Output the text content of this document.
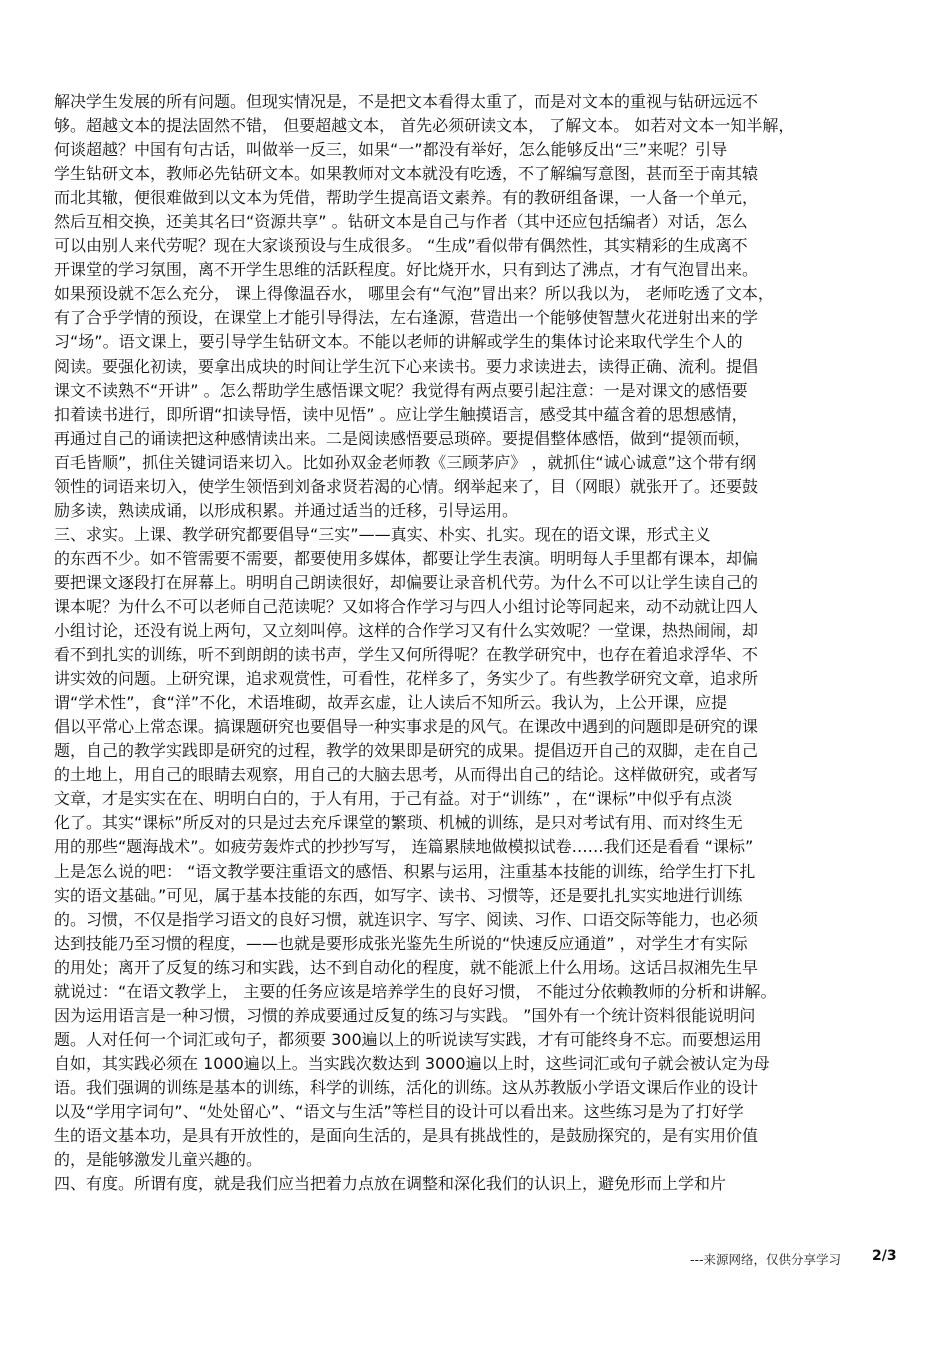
解决学生发展的所有问题。但现实情况是，不是把文本看得太重了，而是对文本的重视与钻研远远不
够。超越文本的提法固然不错， 但要超越文本， 首先必须研读文本， 了解文本。 如若对文本一知半解，
何谈超越？中国有句古话，叫做举一反三，如果“一”都没有举好，怎么能够反出“三”来呢？引导
学生钻研文本，教师必先钻研文本。如果教师对文本就没有吃透，不了解编写意图，甚而至于南其辕
而北其辙，便很难做到以文本为凭借，帮助学生提高语文素养。有的教研组备课，一人备一个单元，
然后互相交换，还美其名曰“资源共享” 。钻研文本是自己与作者（其中还应包括编者）对话，怎么
可以由别人来代劳呢？现在大家谈预设与生成很多。 “生成”看似带有偶然性，其实精彩的生成离不
开课堂的学习氛围，离不开学生思维的活跃程度。好比烧开水，只有到达了沸点，才有气泡冒出来。
如果预设就不怎么充分， 课上得像温吞水， 哪里会有“气泡”冒出来？所以我以为， 老师吃透了文本，
有了合乎学情的预设，在课堂上才能引导得法，左右逢源，营造出一个能够使智慧火花迸射出来的学
习“场”。语文课上，要引导学生钻研文本。不能以老师的讲解或学生的集体讨论来取代学生个人的
阅读。要强化初读，要拿出成块的时间让学生沉下心来读书。要力求读进去，读得正确、流利。提倡
课文不读熟不“开讲” 。怎么帮助学生感悟课文呢？我觉得有两点要引起注意：一是对课文的感悟要
扣着读书进行，即所谓“扣读导悟，读中见悟” 。应让学生触摸语言，感受其中蕴含着的思想感情，
再通过自己的诵读把这种感情读出来。二是阅读感悟要忌琐碎。要提倡整体感悟，做到“提领而顿，
百毛皆顺”，抓住关键词语来切入。比如孙双金老师教《三顾茅庐》 ，就抓住“诚心诚意”这个带有纲
领性的词语来切入，使学生领悟到刘备求贤若渴的心情。纲举起来了，目（网眼）就张开了。还要鼓
励多读，熟读成诵，以形成积累。并通过适当的迁移，引导运用。
三、求实。上课、教学研究都要倡导“三实”——真实、朴实、扎实。现在的语文课，形式主义
的东西不少。如不管需要不需要，都要使用多媒体，都要让学生表演。明明每人手里都有课本，却偏
要把课文逐段打在屏幕上。明明自己朗读很好，却偏要让录音机代劳。为什么不可以让学生读自己的
课本呢？为什么不可以老师自己范读呢？又如将合作学习与四人小组讨论等同起来，动不动就让四人
小组讨论，还没有说上两句，又立刻叫停。这样的合作学习又有什么实效呢？一堂课，热热闹闹，却
看不到扎实的训练，听不到朗朗的读书声，学生又何所得呢？在教学研究中，也存在着追求浮华、不
讲实效的问题。上研究课，追求观赏性，可看性，花样多了，务实少了。有些教学研究文章，追求所
谓“学术性”，食“洋”不化，术语堆砌，故弄玄虚，让人读后不知所云。我认为，上公开课，应提
倡以平常心上常态课。搞课题研究也要倡导一种实事求是的风气。在课改中遇到的问题即是研究的课
题，自己的教学实践即是研究的过程，教学的效果即是研究的成果。提倡迈开自己的双脚，走在自己
的土地上，用自己的眼睛去观察，用自己的大脑去思考，从而得出自己的结论。这样做研究，或者写
文章，才是实实在在、明明白白的，于人有用，于己有益。对于“训练” ，在“课标”中似乎有点淡
化了。其实“课标”所反对的只是过去充斥课堂的繁琐、机械的训练，是只对考试有用、而对终生无
用的那些“题海战术”。如疲劳轰炸式的抄抄写写， 连篇累牍地做模拟试卷……我们还是看看 “课标”
上是怎么说的吧： “语文教学要注重语文的感悟、积累与运用，注重基本技能的训练，给学生打下扎
实的语文基础。”可见，属于基本技能的东西，如写字、读书、习惯等，还是要扎扎实实地进行训练
的。习惯，不仅是指学习语文的良好习惯，就连识字、写字、阅读、习作、口语交际等能力，也必须
达到技能乃至习惯的程度，——也就是要形成张光鉴先生所说的“快速反应通道” ，对学生才有实际
的用处；离开了反复的练习和实践，达不到自动化的程度，就不能派上什么用场。这话吕叔湘先生早
就说过：“在语文教学上， 主要的任务应该是培养学生的良好习惯， 不能过分依赖教师的分析和讲解。
因为运用语言是一种习惯，习惯的养成要通过反复的练习与实践。 ”国外有一个统计资料很能说明问
题。人对任何一个词汇或句子，都须要 300遍以上的听说读写实践，才有可能终身不忘。而要想运用
自如，其实践必须在 1000遍以上。当实践次数达到 3000遍以上时，这些词汇或句子就会被认定为母
语。我们强调的训练是基本的训练，科学的训练，活化的训练。这从苏教版小学语文课后作业的设计
以及“学用字词句”、“处处留心”、“语文与生活”等栏目的设计可以看出来。这些练习是为了打好学
生的语文基本功，是具有开放性的，是面向生活的，是具有挑战性的，是鼓励探究的，是有实用价值
的，是能够激发儿童兴趣的。
四、有度。所谓有度，就是我们应当把着力点放在调整和深化我们的认识上，避免形而上学和片
---来源网络，仅供分享学习 2/3
